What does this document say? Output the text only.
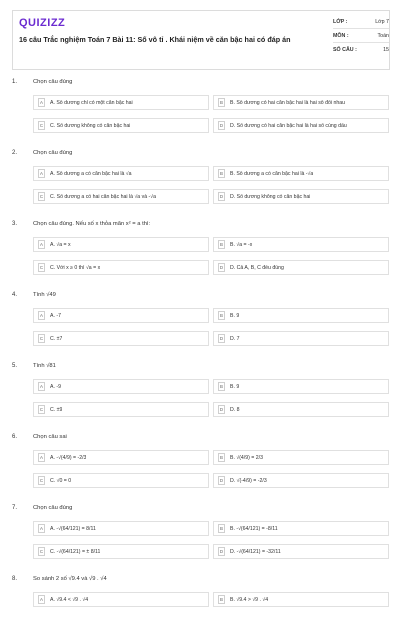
QUIZIZZ
16 câu Trắc nghiệm Toán 7 Bài 11: Số vô tỉ . Khái niệm về căn bậc hai có đáp án
LỚP :	Lớp 7
MÔN :	Toán
SỐ CÂU :	15
1.	Chọn câu đúng
A	A. Số dương chỉ có một căn bậc hai	B	B. Số dương có hai căn bậc hai là hai số đối nhau
C	C. Số dương không có căn bậc hai	D	D. Số dương có hai căn bậc hai là hai số cùng dấu
2.	Chọn câu đúng
A	A. Số dương a có căn bậc hai là √a	B	B. Số dương a có căn bậc hai là -√a
C	C. Số dương a có hai căn bậc hai là √a và -√a	D	D. Số dương không có căn bậc hai
3.	Chọn câu đúng. Nếu số x thỏa mãn x² = a thì:
A	A. √a = x	B	B. √a = -x
C	C. Với x ≥ 0 thì √a = x	D	D. Cả A, B, C đều đúng
4.	Tính √49
A	A. -7	B	B. 9
C	C. ±7	D	D. 7
5.	Tính √81
A	A. -9	B	B. 9
C	C. ±9	D	D. 8
6.	Chọn câu sai
A	A. -√(4/9) = -2/3	B	B. √(4/9) = 2/3
C	C. √0 = 0	D	D. √(-4/9) = -2/3
7.	Chọn câu đúng
A	A. -√(64/121) = 8/11	B	B. -√(64/121) = -8/11
C	C. -√(64/121) = ± 8/11	D	D. -√(64/121) = -32/11
8.	So sánh 2 số √9.4 và √9 . √4
A	A. √9.4 < √9 . √4	B	B. √9.4 > √9 . √4
